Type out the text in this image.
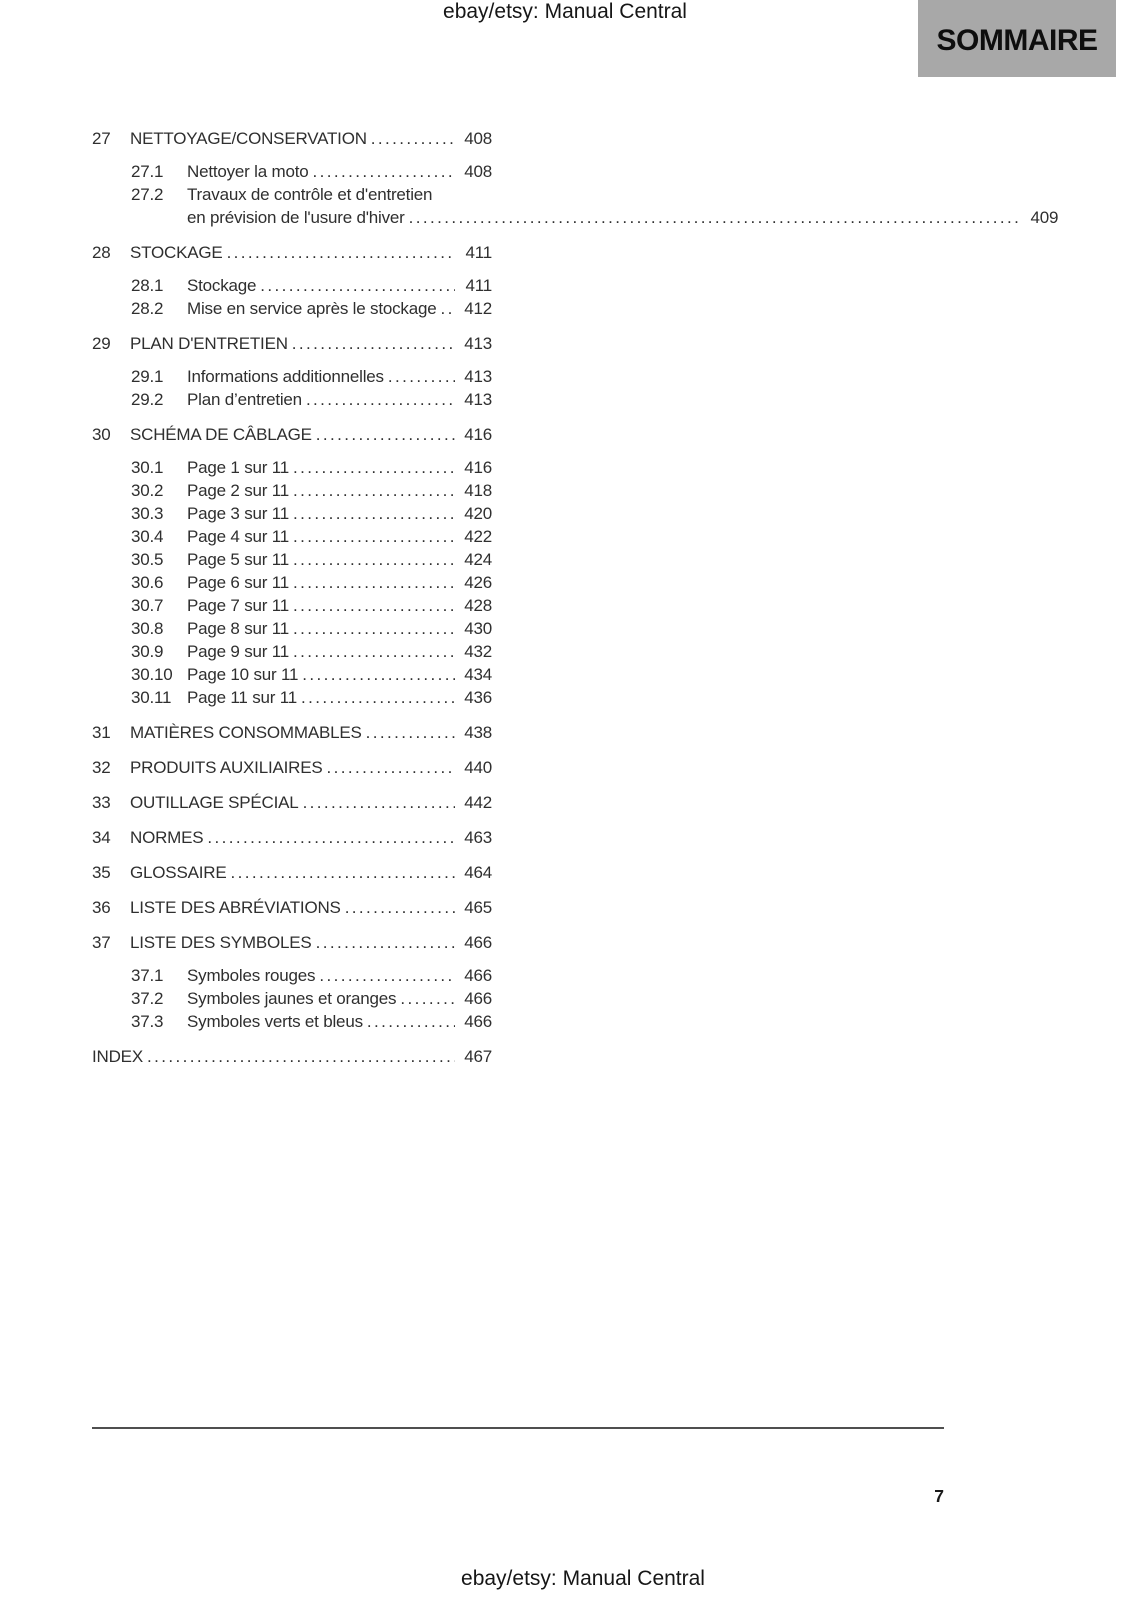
ebay/etsy: Manual Central
SOMMAIRE
27	NETTOYAGE/CONSERVATION .....	408
27.1	Nettoyer la moto .....	408
27.2	Travaux de contrôle et d'entretien
en prévision de l'usure d'hiver .....	409
28	STOCKAGE .....	411
28.1	Stockage .....	411
28.2	Mise en service après le stockage ..... 412
29	PLAN D'ENTRETIEN .....	413
29.1	Informations additionnelles .....	413
29.2	Plan d’entretien .....	413
30	SCHÉMA DE CÂBLAGE .....	416
30.1	Page 1 sur 11 .....	416
30.2	Page 2 sur 11 .....	418
30.3	Page 3 sur 11 .....	420
30.4	Page 4 sur 11 .....	422
30.5	Page 5 sur 11 .....	424
30.6	Page 6 sur 11 .....	426
30.7	Page 7 sur 11 .....	428
30.8	Page 8 sur 11 .....	430
30.9	Page 9 sur 11 .....	432
30.10 Page 10 sur 11 .....	434
30.11 Page 11 sur 11 .....	436
31	MATIÈRES CONSOMMABLES .....	438
32	PRODUITS AUXILIAIRES .....	440
33	OUTILLAGE SPÉCIAL .....	442
34	NORMES .....	463
35	GLOSSAIRE .....	464
36	LISTE DES ABRÉVIATIONS .....	465
37	LISTE DES SYMBOLES .....	466
37.1	Symboles rouges .....	466
37.2	Symboles jaunes et oranges .....	466
37.3	Symboles verts et bleus .....	466
INDEX .....	467
7
ebay/etsy: Manual Central
